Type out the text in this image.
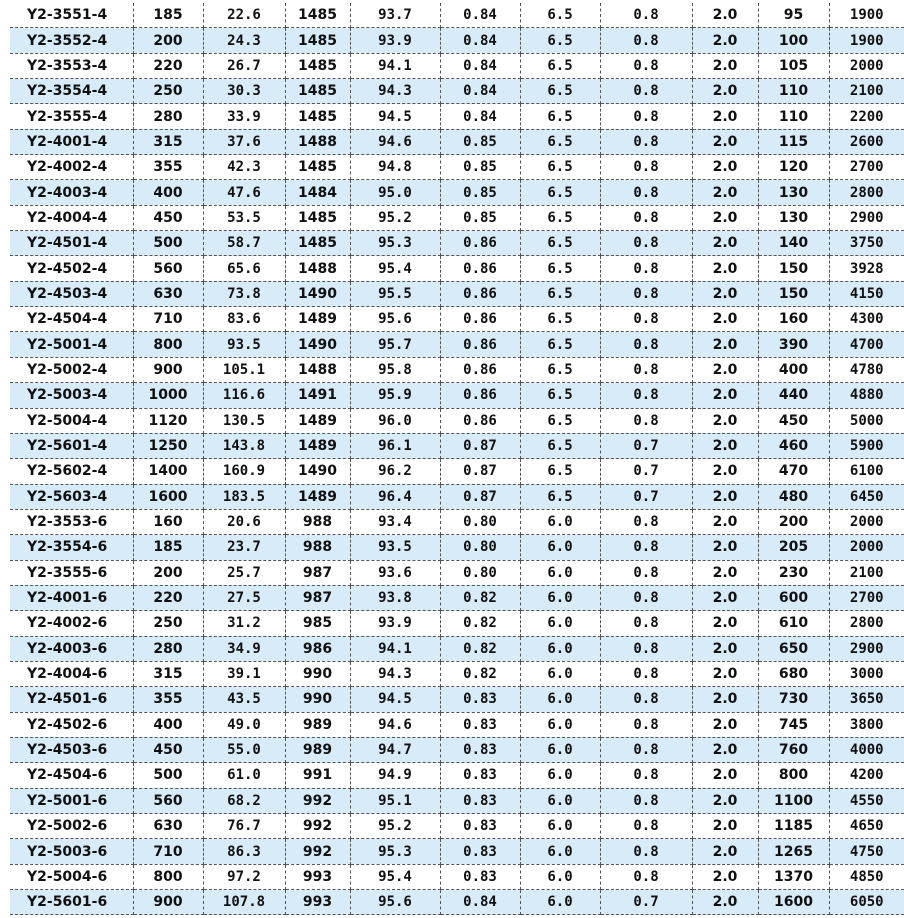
Y2-3551-4	185	22.6	1485	93.7	0.84	6.5	0.8	2.0	95	1900
Y2-3552-4	200	24.3	1485	93.9	0.84	6.5	0.8	2.0	100	1900
Y2-3553-4	220	26.7	1485	94.1	0.84	6.5	0.8	2.0	105	2000
Y2-3554-4	250	30.3	1485	94.3	0.84	6.5	0.8	2.0	110	2100
Y2-3555-4	280	33.9	1485	94.5	0.84	6.5	0.8	2.0	110	2200
Y2-4001-4	315	37.6	1488	94.6	0.85	6.5	0.8	2.0	115	2600
Y2-4002-4	355	42.3	1485	94.8	0.85	6.5	0.8	2.0	120	2700
Y2-4003-4	400	47.6	1484	95.0	0.85	6.5	0.8	2.0	130	2800
Y2-4004-4	450	53.5	1485	95.2	0.85	6.5	0.8	2.0	130	2900
Y2-4501-4	500	58.7	1485	95.3	0.86	6.5	0.8	2.0	140	3750
Y2-4502-4	560	65.6	1488	95.4	0.86	6.5	0.8	2.0	150	3928
Y2-4503-4	630	73.8	1490	95.5	0.86	6.5	0.8	2.0	150	4150
Y2-4504-4	710	83.6	1489	95.6	0.86	6.5	0.8	2.0	160	4300
Y2-5001-4	800	93.5	1490	95.7	0.86	6.5	0.8	2.0	390	4700
Y2-5002-4	900	105.1	1488	95.8	0.86	6.5	0.8	2.0	400	4780
Y2-5003-4	1000	116.6	1491	95.9	0.86	6.5	0.8	2.0	440	4880
Y2-5004-4	1120	130.5	1489	96.0	0.86	6.5	0.8	2.0	450	5000
Y2-5601-4	1250	143.8	1489	96.1	0.87	6.5	0.7	2.0	460	5900
Y2-5602-4	1400	160.9	1490	96.2	0.87	6.5	0.7	2.0	470	6100
Y2-5603-4	1600	183.5	1489	96.4	0.87	6.5	0.7	2.0	480	6450
Y2-3553-6	160	20.6	988	93.4	0.80	6.0	0.8	2.0	200	2000
Y2-3554-6	185	23.7	988	93.5	0.80	6.0	0.8	2.0	205	2000
Y2-3555-6	200	25.7	987	93.6	0.80	6.0	0.8	2.0	230	2100
Y2-4001-6	220	27.5	987	93.8	0.82	6.0	0.8	2.0	600	2700
Y2-4002-6	250	31.2	985	93.9	0.82	6.0	0.8	2.0	610	2800
Y2-4003-6	280	34.9	986	94.1	0.82	6.0	0.8	2.0	650	2900
Y2-4004-6	315	39.1	990	94.3	0.82	6.0	0.8	2.0	680	3000
Y2-4501-6	355	43.5	990	94.5	0.83	6.0	0.8	2.0	730	3650
Y2-4502-6	400	49.0	989	94.6	0.83	6.0	0.8	2.0	745	3800
Y2-4503-6	450	55.0	989	94.7	0.83	6.0	0.8	2.0	760	4000
Y2-4504-6	500	61.0	991	94.9	0.83	6.0	0.8	2.0	800	4200
Y2-5001-6	560	68.2	992	95.1	0.83	6.0	0.8	2.0	1100	4550
Y2-5002-6	630	76.7	992	95.2	0.83	6.0	0.8	2.0	1185	4650
Y2-5003-6	710	86.3	992	95.3	0.83	6.0	0.8	2.0	1265	4750
Y2-5004-6	800	97.2	993	95.4	0.83	6.0	0.8	2.0	1370	4850
Y2-5601-6	900	107.8	993	95.6	0.84	6.0	0.7	2.0	1600	6050
